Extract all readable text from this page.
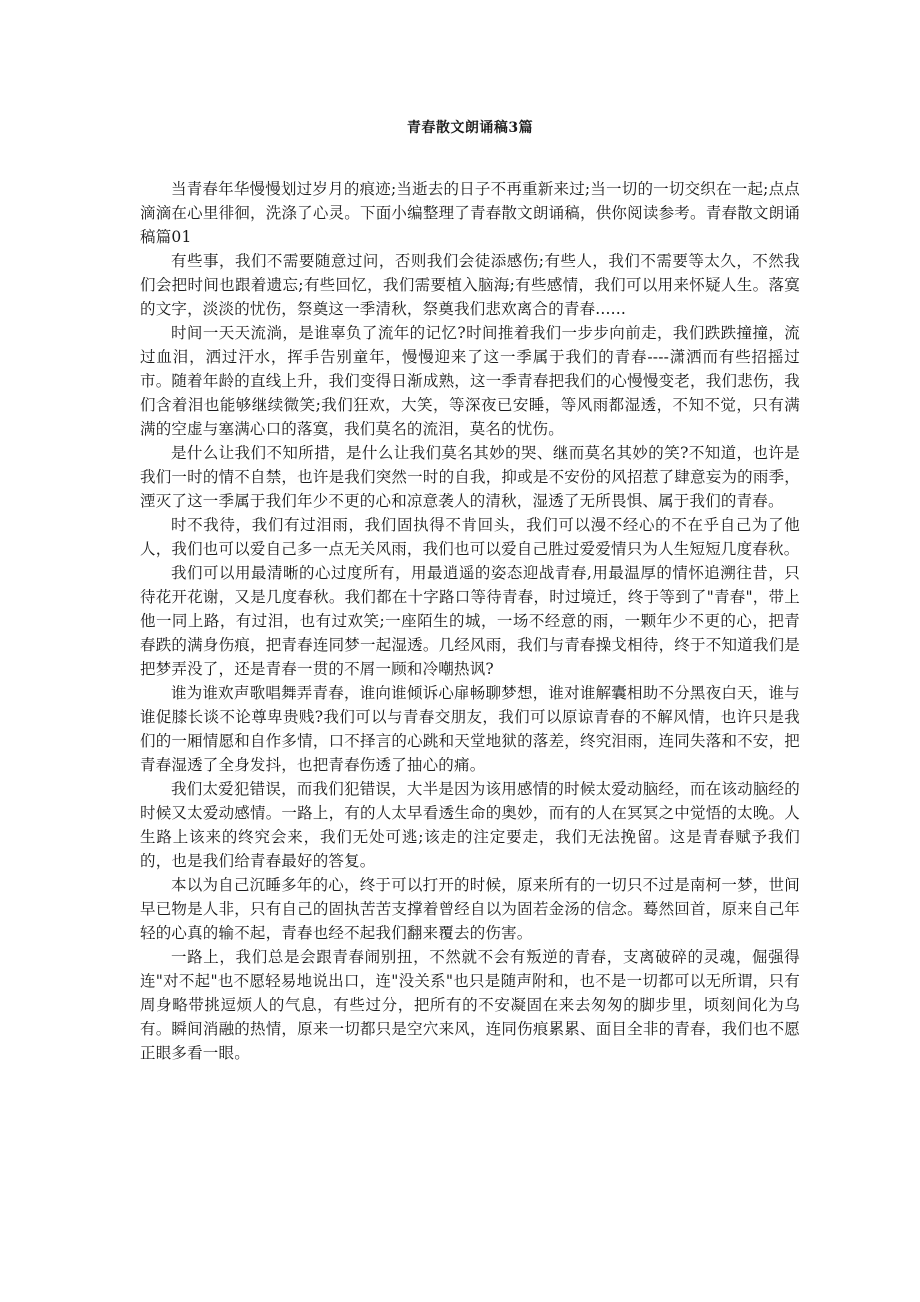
青春散文朗诵稿3篇

当青春年华慢慢划过岁月的痕迹;当逝去的日子不再重新来过;当一切的一切交织在一起;点点滴滴在心里徘徊，洗涤了心灵。下面小编整理了青春散文朗诵稿，供你阅读参考。青春散文朗诵稿篇01

有些事，我们不需要随意过问，否则我们会徒添感伤;有些人，我们不需要等太久，不然我们会把时间也跟着遗忘;有些回忆，我们需要植入脑海;有些感情，我们可以用来怀疑人生。落寞的文字，淡淡的忧伤，祭奠这一季清秋，祭奠我们悲欢离合的青春......

时间一天天流淌，是谁辜负了流年的记忆?时间推着我们一步步向前走，我们跌跌撞撞，流过血泪，洒过汗水，挥手告别童年，慢慢迎来了这一季属于我们的青春----潇洒而有些招摇过市。随着年龄的直线上升，我们变得日渐成熟，这一季青春把我们的心慢慢变老，我们悲伤，我们含着泪也能够继续微笑;我们狂欢，大笑，等深夜已安睡，等风雨都湿透，不知不觉，只有满满的空虚与塞满心口的落寞，我们莫名的流泪，莫名的忧伤。

是什么让我们不知所措，是什么让我们莫名其妙的哭、继而莫名其妙的笑?不知道，也许是我们一时的情不自禁，也许是我们突然一时的自我，抑或是不安份的风招惹了肆意妄为的雨季，湮灭了这一季属于我们年少不更的心和凉意袭人的清秋，湿透了无所畏惧、属于我们的青春。

时不我待，我们有过泪雨，我们固执得不肯回头，我们可以漫不经心的不在乎自己为了他人，我们也可以爱自己多一点无关风雨，我们也可以爱自己胜过爱爱情只为人生短短几度春秋。

我们可以用最清晰的心过度所有，用最逍遥的姿态迎战青春,用最温厚的情怀追溯往昔，只待花开花谢，又是几度春秋。我们都在十字路口等待青春，时过境迁，终于等到了"青春"，带上他一同上路，有过泪，也有过欢笑;一座陌生的城，一场不经意的雨，一颗年少不更的心，把青春跌的满身伤痕，把青春连同梦一起湿透。几经风雨，我们与青春操戈相待，终于不知道我们是把梦弄没了，还是青春一贯的不屑一顾和冷嘲热讽?

谁为谁欢声歌唱舞弄青春，谁向谁倾诉心扉畅聊梦想，谁对谁解囊相助不分黑夜白天，谁与谁促膝长谈不论尊卑贵贱?我们可以与青春交朋友，我们可以原谅青春的不解风情，也许只是我们的一厢情愿和自作多情，口不择言的心跳和天堂地狱的落差，终究泪雨，连同失落和不安，把青春湿透了全身发抖，也把青春伤透了抽心的痛。

我们太爱犯错误，而我们犯错误，大半是因为该用感情的时候太爱动脑经，而在该动脑经的时候又太爱动感情。一路上，有的人太早看透生命的奥妙，而有的人在冥冥之中觉悟的太晚。人生路上该来的终究会来，我们无处可逃;该走的注定要走，我们无法挽留。这是青春赋予我们的，也是我们给青春最好的答复。

本以为自己沉睡多年的心，终于可以打开的时候，原来所有的一切只不过是南柯一梦，世间早已物是人非，只有自己的固执苦苦支撑着曾经自以为固若金汤的信念。蓦然回首，原来自己年轻的心真的输不起，青春也经不起我们翻来覆去的伤害。

一路上，我们总是会跟青春闹别扭，不然就不会有叛逆的青春，支离破碎的灵魂，倔强得连"对不起"也不愿轻易地说出口，连"没关系"也只是随声附和，也不是一切都可以无所谓，只有周身略带挑逗烦人的气息，有些过分，把所有的不安凝固在来去匆匆的脚步里，顷刻间化为乌有。瞬间消融的热情，原来一切都只是空穴来风，连同伤痕累累、面目全非的青春，我们也不愿正眼多看一眼。
